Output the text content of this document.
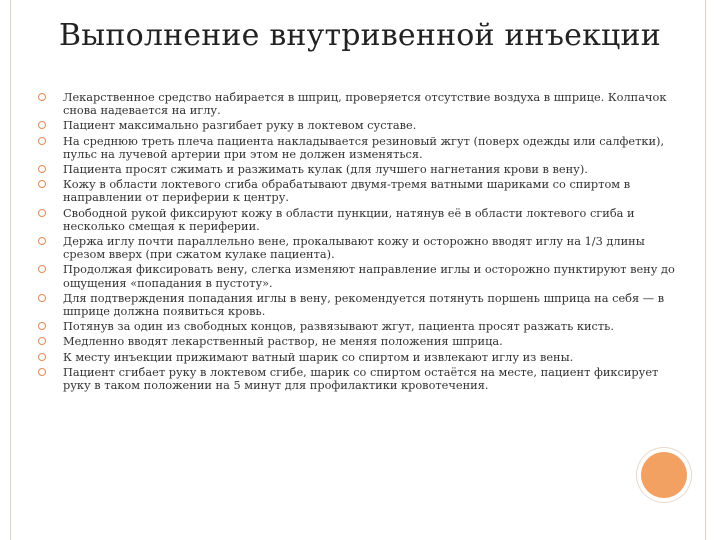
Выполнение внутривенной инъекции
Лекарственное средство набирается в шприц, проверяется отсутствие воздуха в шприце. Колпачок снова надевается на иглу.
Пациент максимально разгибает руку в локтевом суставе.
На среднюю треть плеча пациента накладывается резиновый жгут (поверх одежды или салфетки), пульс на лучевой артерии при этом не должен изменяться.
Пациента просят сжимать и разжимать кулак (для лучшего нагнетания крови в вену).
Кожу в области локтевого сгиба обрабатывают двумя-тремя ватными шариками со спиртом в направлении от периферии к центру.
Свободной рукой фиксируют кожу в области пункции, натянув её в области локтевого сгиба и несколько смещая к периферии.
Держа иглу почти параллельно вене, прокалывают кожу и осторожно вводят иглу на 1/3 длины срезом вверх (при сжатом кулаке пациента).
Продолжая фиксировать вену, слегка изменяют направление иглы и осторожно пунктируют вену до ощущения «попадания в пустоту».
Для подтверждения попадания иглы в вену, рекомендуется потянуть поршень шприца на себя — в шприце должна появиться кровь.
Потянув за один из свободных концов, развязывают жгут, пациента просят разжать кисть.
Медленно вводят лекарственный раствор, не меняя положения шприца.
К месту инъекции прижимают ватный шарик со спиртом и извлекают иглу из вены.
Пациент сгибает руку в локтевом сгибе, шарик со спиртом остаётся на месте, пациент фиксирует руку в таком положении на 5 минут для профилактики кровотечения.
